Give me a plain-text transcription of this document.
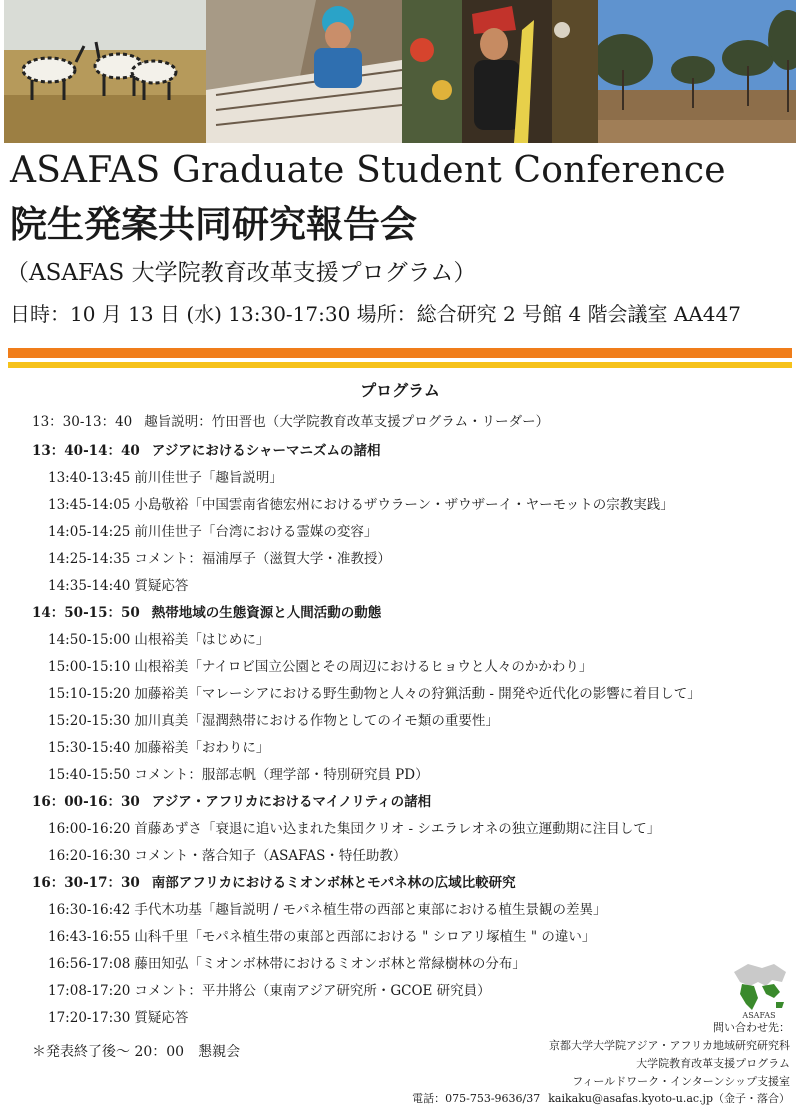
ASAFAS Graduate Student Conference
院生発案共同研究報告会
（ASAFAS 大学院教育改革支援プログラム）
日時：10 月 13 日 (水) 13:30-17:30 場所：総合研究 2 号館 4 階会議室 AA447
プログラム
13：30-13：40 趣旨説明：竹田晋也（大学院教育改革支援プログラム・リーダー）
13：40-14：40 アジアにおけるシャーマニズムの諸相
13:40-13:45 前川佳世子「趣旨説明」
13:45-14:05 小島敬裕「中国雲南省徳宏州におけるザウラーン・ザウザーイ・ヤーモットの宗教実践」
14:05-14:25 前川佳世子「台湾における霊媒の変容」
14:25-14:35 コメント：福浦厚子（滋賀大学・准教授）
14:35-14:40 質疑応答
14：50-15：50 熱帯地域の生態資源と人間活動の動態
14:50-15:00 山根裕美「はじめに」
15:00-15:10 山根裕美「ナイロビ国立公園とその周辺におけるヒョウと人々のかかわり」
15:10-15:20 加藤裕美「マレーシアにおける野生動物と人々の狩猟活動 - 開発や近代化の影響に着目して」
15:20-15:30 加川真美「湿潤熱帯における作物としてのイモ類の重要性」
15:30-15:40 加藤裕美「おわりに」
15:40-15:50 コメント：服部志帆（理学部・特別研究員 PD）
16：00-16：30 アジア・アフリカにおけるマイノリティの諸相
16:00-16:20 首藤あずさ「衰退に追い込まれた集団クリオ - シエラレオネの独立運動期に注目して」
16:20-16:30 コメント・落合知子（ASAFAS・特任助教）
16：30-17：30 南部アフリカにおけるミオンボ林とモパネ林の広域比較研究
16:30-16:42 手代木功基「趣旨説明 / モパネ植生帯の西部と東部における植生景観の差異」
16:43-16:55 山科千里「モパネ植生帯の東部と西部における " シロアリ塚植生 " の違い」
16:56-17:08 藤田知弘「ミオンボ林帯におけるミオンボ林と常緑樹林の分布」
17:08-17:20 コメント：平井將公（東南アジア研究所・GCOE 研究員）
17:20-17:30 質疑応答
＊発表終了後～ 20：00　懇親会
ASAFAS
問い合わせ先：
京都大学大学院アジア・アフリカ地域研究研究科
大学院教育改革支援プログラム
フィールドワーク・インターンシップ支援室
電話：075-753-9636/37 kaikaku@asafas.kyoto-u.ac.jp（金子・落合）
